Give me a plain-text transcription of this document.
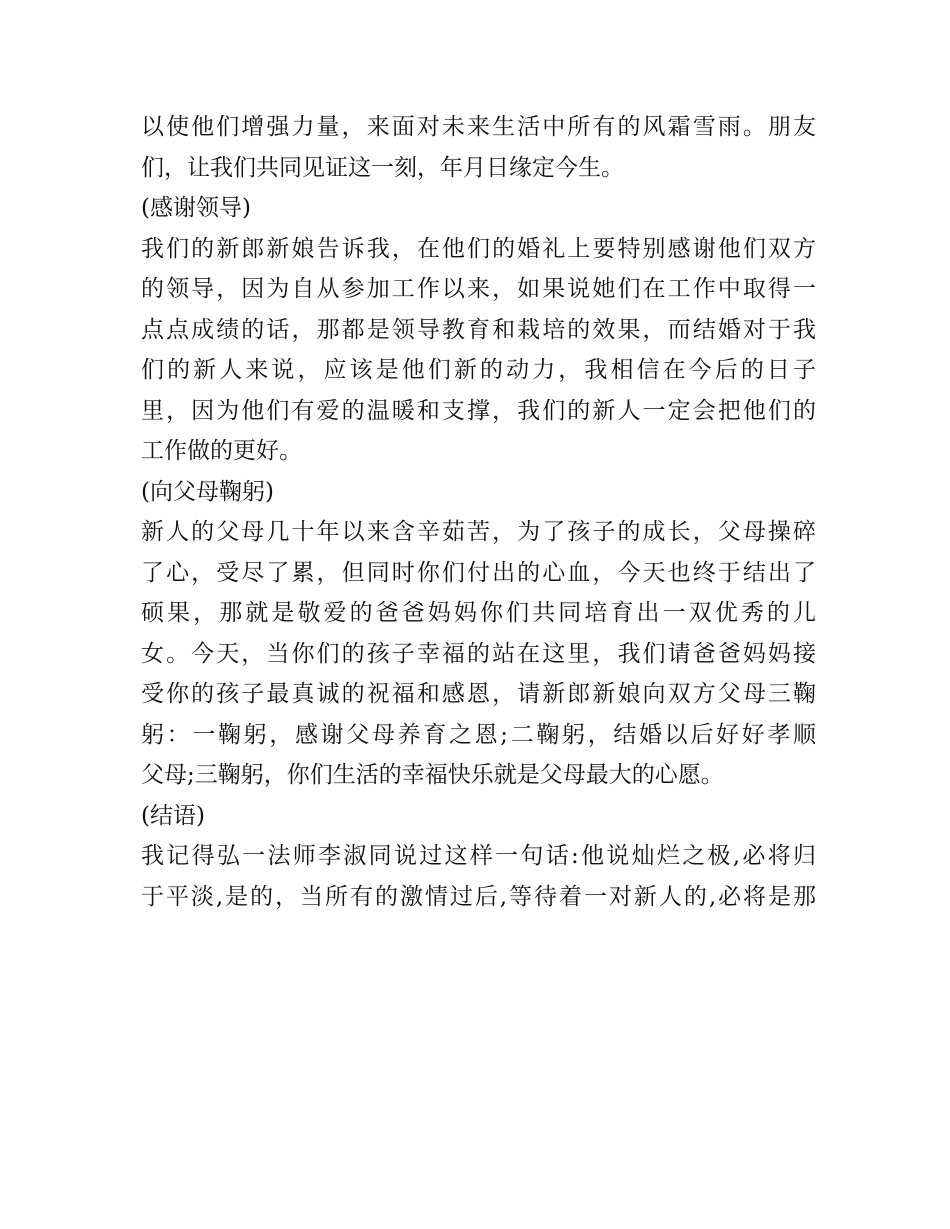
以使他们增强力量，来面对未来生活中所有的风霜雪雨。朋友

们，让我们共同见证这一刻，年月日缘定今生。

(感谢领导)

我们的新郎新娘告诉我，在他们的婚礼上要特别感谢他们双方

的领导，因为自从参加工作以来，如果说她们在工作中取得一

点点成绩的话，那都是领导教育和栽培的效果，而结婚对于我

们的新人来说，应该是他们新的动力，我相信在今后的日子

里，因为他们有爱的温暖和支撑，我们的新人一定会把他们的

工作做的更好。

(向父母鞠躬)

新人的父母几十年以来含辛茹苦，为了孩子的成长，父母操碎

了心，受尽了累，但同时你们付出的心血，今天也终于结出了

硕果，那就是敬爱的爸爸妈妈你们共同培育出一双优秀的儿

女。今天，当你们的孩子幸福的站在这里，我们请爸爸妈妈接

受你的孩子最真诚的祝福和感恩，请新郎新娘向双方父母三鞠

躬：一鞠躬，感谢父母养育之恩;二鞠躬，结婚以后好好孝顺

父母;三鞠躬，你们生活的幸福快乐就是父母最大的心愿。

(结语)

我记得弘一法师李淑同说过这样一句话:他说灿烂之极,必将归

于平淡,是的，当所有的激情过后,等待着一对新人的,必将是那
